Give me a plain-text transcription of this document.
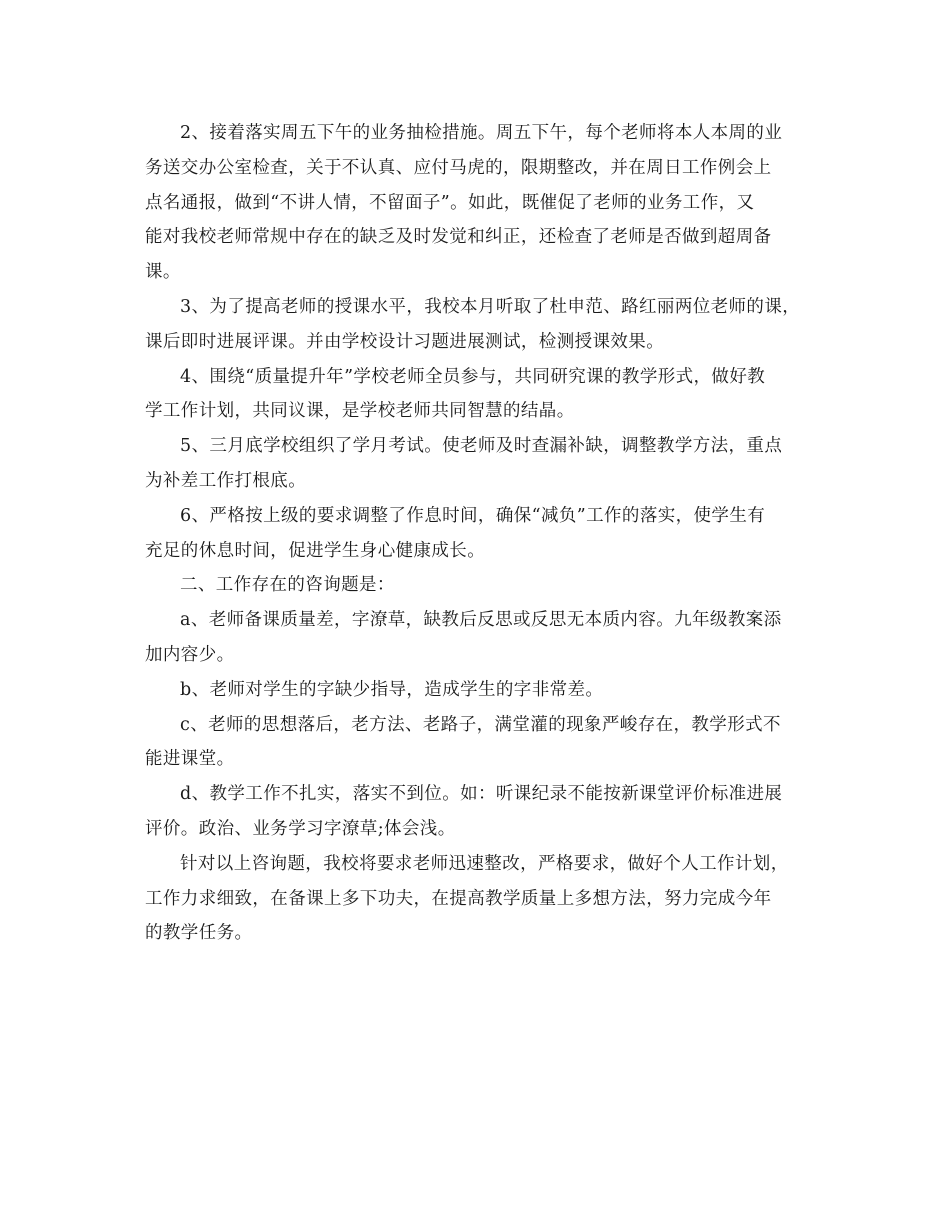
2、接着落实周五下午的业务抽检措施。周五下午，每个老师将本人本周的业
务送交办公室检查，关于不认真、应付马虎的，限期整改，并在周日工作例会上
点名通报，做到“不讲人情，不留面子”。如此，既催促了老师的业务工作，又
能对我校老师常规中存在的缺乏及时发觉和纠正，还检查了老师是否做到超周备
课。
3、为了提高老师的授课水平，我校本月听取了杜申范、路红丽两位老师的课，
课后即时进展评课。并由学校设计习题进展测试，检测授课效果。
4、围绕“质量提升年”学校老师全员参与，共同研究课的教学形式，做好教
学工作计划，共同议课，是学校老师共同智慧的结晶。
5、三月底学校组织了学月考试。使老师及时查漏补缺，调整教学方法，重点
为补差工作打根底。
6、严格按上级的要求调整了作息时间，确保“减负”工作的落实，使学生有
充足的休息时间，促进学生身心健康成长。
二、工作存在的咨询题是：
a、老师备课质量差，字潦草，缺教后反思或反思无本质内容。九年级教案添
加内容少。
b、老师对学生的字缺少指导，造成学生的字非常差。
c、老师的思想落后，老方法、老路子，满堂灌的现象严峻存在，教学形式不
能进课堂。
d、教学工作不扎实，落实不到位。如：听课纪录不能按新课堂评价标准进展
评价。政治、业务学习字潦草;体会浅。
针对以上咨询题，我校将要求老师迅速整改，严格要求，做好个人工作计划，
工作力求细致，在备课上多下功夫，在提高教学质量上多想方法，努力完成今年
的教学任务。
